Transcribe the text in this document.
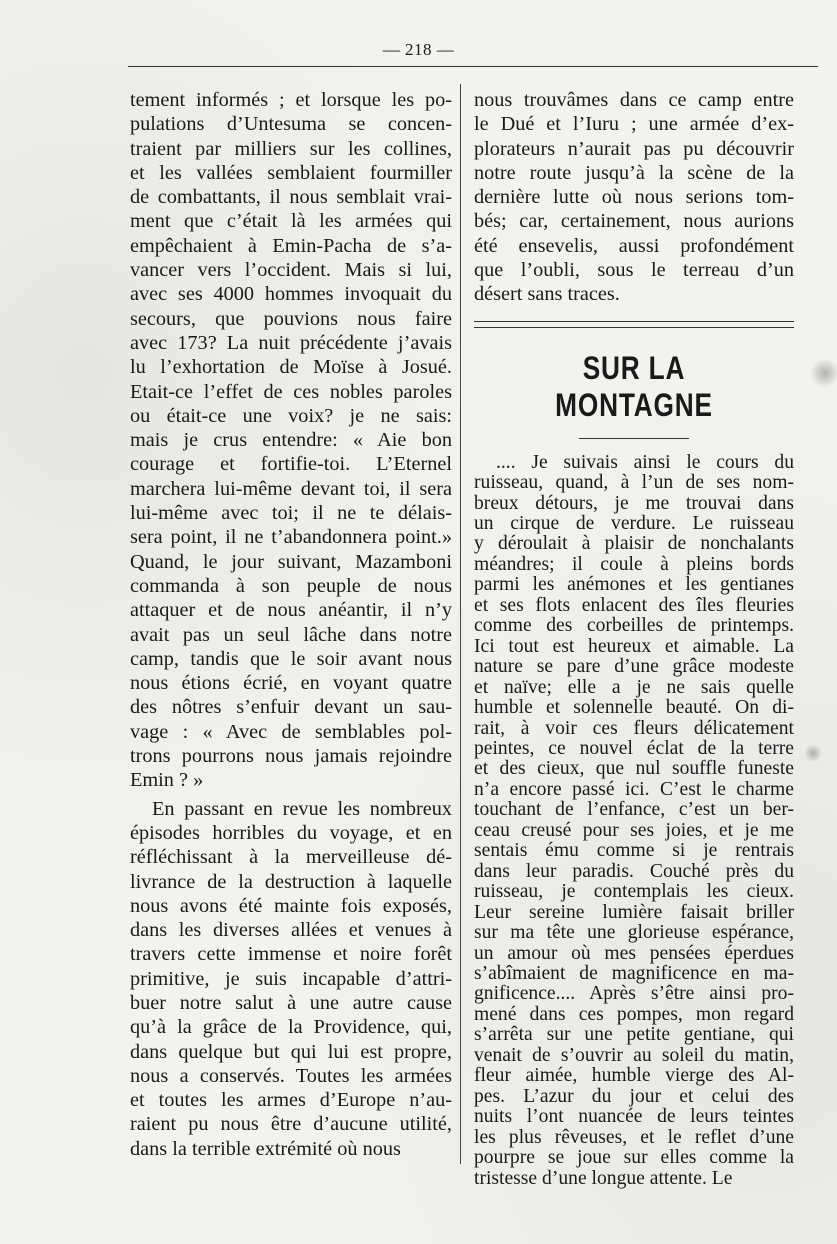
— 218 —

tement informés ; et lorsque les po-

pulations d’Untesuma se concen-

traient par milliers sur les collines,

et les vallées semblaient fourmiller

de combattants, il nous semblait vrai-

ment que c’était là les armées qui

empêchaient à Emin-Pacha de s’a-

vancer vers l’occident. Mais si lui,

avec ses 4000 hommes invoquait du

secours, que pouvions nous faire

avec 173? La nuit précédente j’avais

lu l’exhortation de Moïse à Josué.

Etait-ce l’effet de ces nobles paroles

ou était-ce une voix? je ne sais:

mais je crus entendre: « Aie bon

courage et fortifie-toi. L’Eternel

marchera lui-même devant toi, il sera

lui-même avec toi; il ne te délais-

sera point, il ne t’abandonnera point.»

Quand, le jour suivant, Mazamboni

commanda à son peuple de nous

attaquer et de nous anéantir, il n’y

avait pas un seul lâche dans notre

camp, tandis que le soir avant nous

nous étions écrié, en voyant quatre

des nôtres s’enfuir devant un sau-

vage : « Avec de semblables pol-

trons pourrons nous jamais rejoindre

Emin ? »

En passant en revue les nombreux

épisodes horribles du voyage, et en

réfléchissant à la merveilleuse dé-

livrance de la destruction à laquelle

nous avons été mainte fois exposés,

dans les diverses allées et venues à

travers cette immense et noire forêt

primitive, je suis incapable d’attri-

buer notre salut à une autre cause

qu’à la grâce de la Providence, qui,

dans quelque but qui lui est propre,

nous a conservés. Toutes les armées

et toutes les armes d’Europe n’au-

raient pu nous être d’aucune utilité,

dans la terrible extrémité où nous

nous trouvâmes dans ce camp entre

le Dué et l’Iuru ; une armée d’ex-

plorateurs n’aurait pas pu découvrir

notre route jusqu’à la scène de la

dernière lutte où nous serions tom-

bés; car, certainement, nous aurions

été ensevelis, aussi profondément

que l’oubli, sous le terreau d’un

désert sans traces.

SUR LA MONTAGNE

.... Je suivais ainsi le cours du

ruisseau, quand, à l’un de ses nom-

breux détours, je me trouvai dans

un cirque de verdure. Le ruisseau

y déroulait à plaisir de nonchalants

méandres; il coule à pleins bords

parmi les anémones et les gentianes

et ses flots enlacent des îles fleuries

comme des corbeilles de printemps.

Ici tout est heureux et aimable. La

nature se pare d’une grâce modeste

et naïve; elle a je ne sais quelle

humble et solennelle beauté. On di-

rait, à voir ces fleurs délicatement

peintes, ce nouvel éclat de la terre

et des cieux, que nul souffle funeste

n’a encore passé ici. C’est le charme

touchant de l’enfance, c’est un ber-

ceau creusé pour ses joies, et je me

sentais ému comme si je rentrais

dans leur paradis. Couché près du

ruisseau, je contemplais les cieux.

Leur sereine lumière faisait briller

sur ma tête une glorieuse espérance,

un amour où mes pensées éperdues

s’abîmaient de magnificence en ma-

gnificence.... Après s’être ainsi pro-

mené dans ces pompes, mon regard

s’arrêta sur une petite gentiane, qui

venait de s’ouvrir au soleil du matin,

fleur aimée, humble vierge des Al-

pes. L’azur du jour et celui des

nuits l’ont nuancée de leurs teintes

les plus rêveuses, et le reflet d’une

pourpre se joue sur elles comme la

tristesse d’une longue attente. Le
